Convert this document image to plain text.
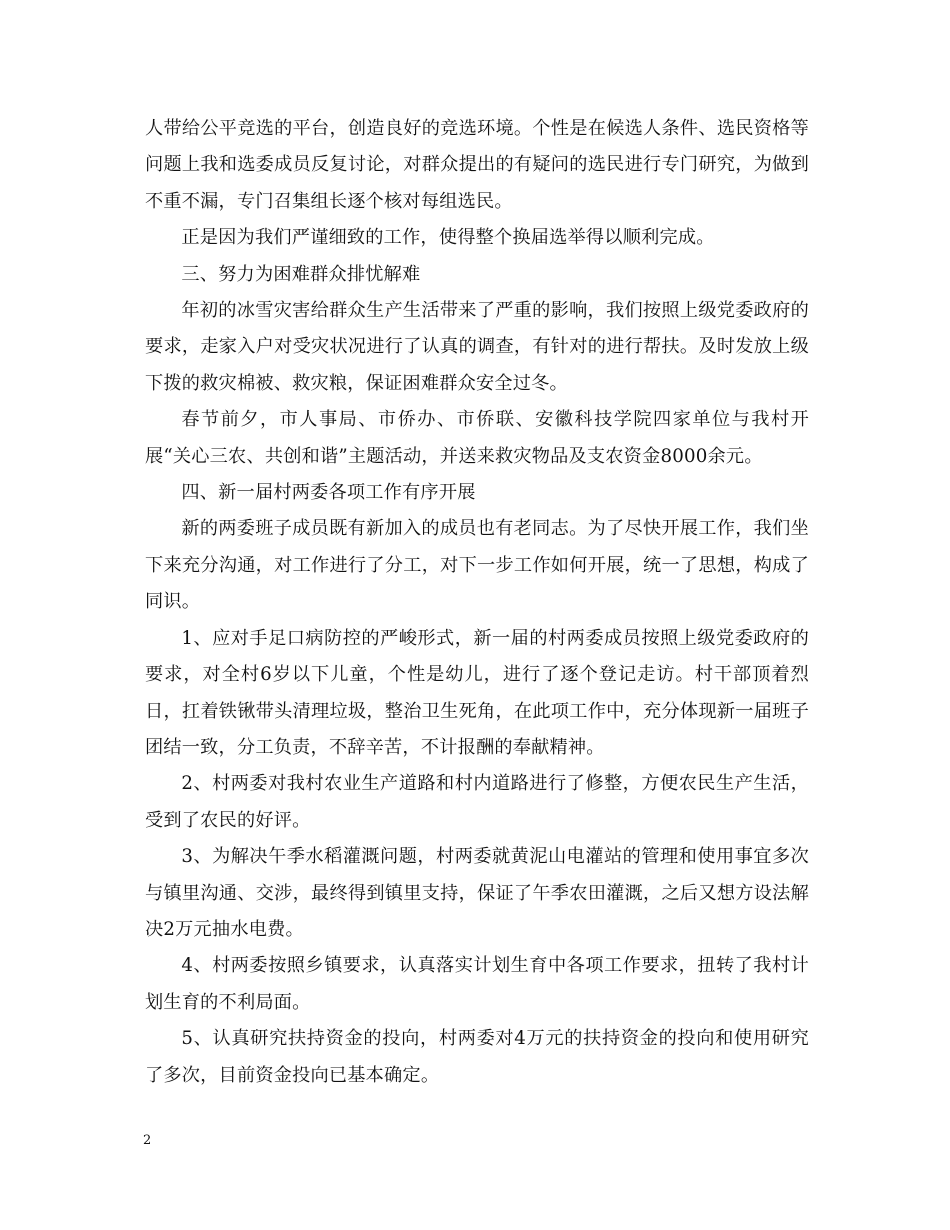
人带给公平竞选的平台，创造良好的竞选环境。个性是在候选人条件、选民资格等问题上我和选委成员反复讨论，对群众提出的有疑问的选民进行专门研究，为做到不重不漏，专门召集组长逐个核对每组选民。

正是因为我们严谨细致的工作，使得整个换届选举得以顺利完成。

三、努力为困难群众排忧解难

年初的冰雪灾害给群众生产生活带来了严重的影响，我们按照上级党委政府的要求，走家入户对受灾状况进行了认真的调查，有针对的进行帮扶。及时发放上级下拨的救灾棉被、救灾粮，保证困难群众安全过冬。

春节前夕，市人事局、市侨办、市侨联、安徽科技学院四家单位与我村开展“关心三农、共创和谐”主题活动，并送来救灾物品及支农资金8000余元。

四、新一届村两委各项工作有序开展

新的两委班子成员既有新加入的成员也有老同志。为了尽快开展工作，我们坐下来充分沟通，对工作进行了分工，对下一步工作如何开展，统一了思想，构成了同识。

1、应对手足口病防控的严峻形式，新一届的村两委成员按照上级党委政府的要求，对全村6岁以下儿童，个性是幼儿，进行了逐个登记走访。村干部顶着烈日，扛着铁锹带头清理垃圾，整治卫生死角，在此项工作中，充分体现新一届班子团结一致，分工负责，不辞辛苦，不计报酬的奉献精神。

2、村两委对我村农业生产道路和村内道路进行了修整，方便农民生产生活，受到了农民的好评。

3、为解决午季水稻灌溉问题，村两委就黄泥山电灌站的管理和使用事宜多次与镇里沟通、交涉，最终得到镇里支持，保证了午季农田灌溉，之后又想方设法解决2万元抽水电费。

4、村两委按照乡镇要求，认真落实计划生育中各项工作要求，扭转了我村计划生育的不利局面。

5、认真研究扶持资金的投向，村两委对4万元的扶持资金的投向和使用研究了多次，目前资金投向已基本确定。

2
